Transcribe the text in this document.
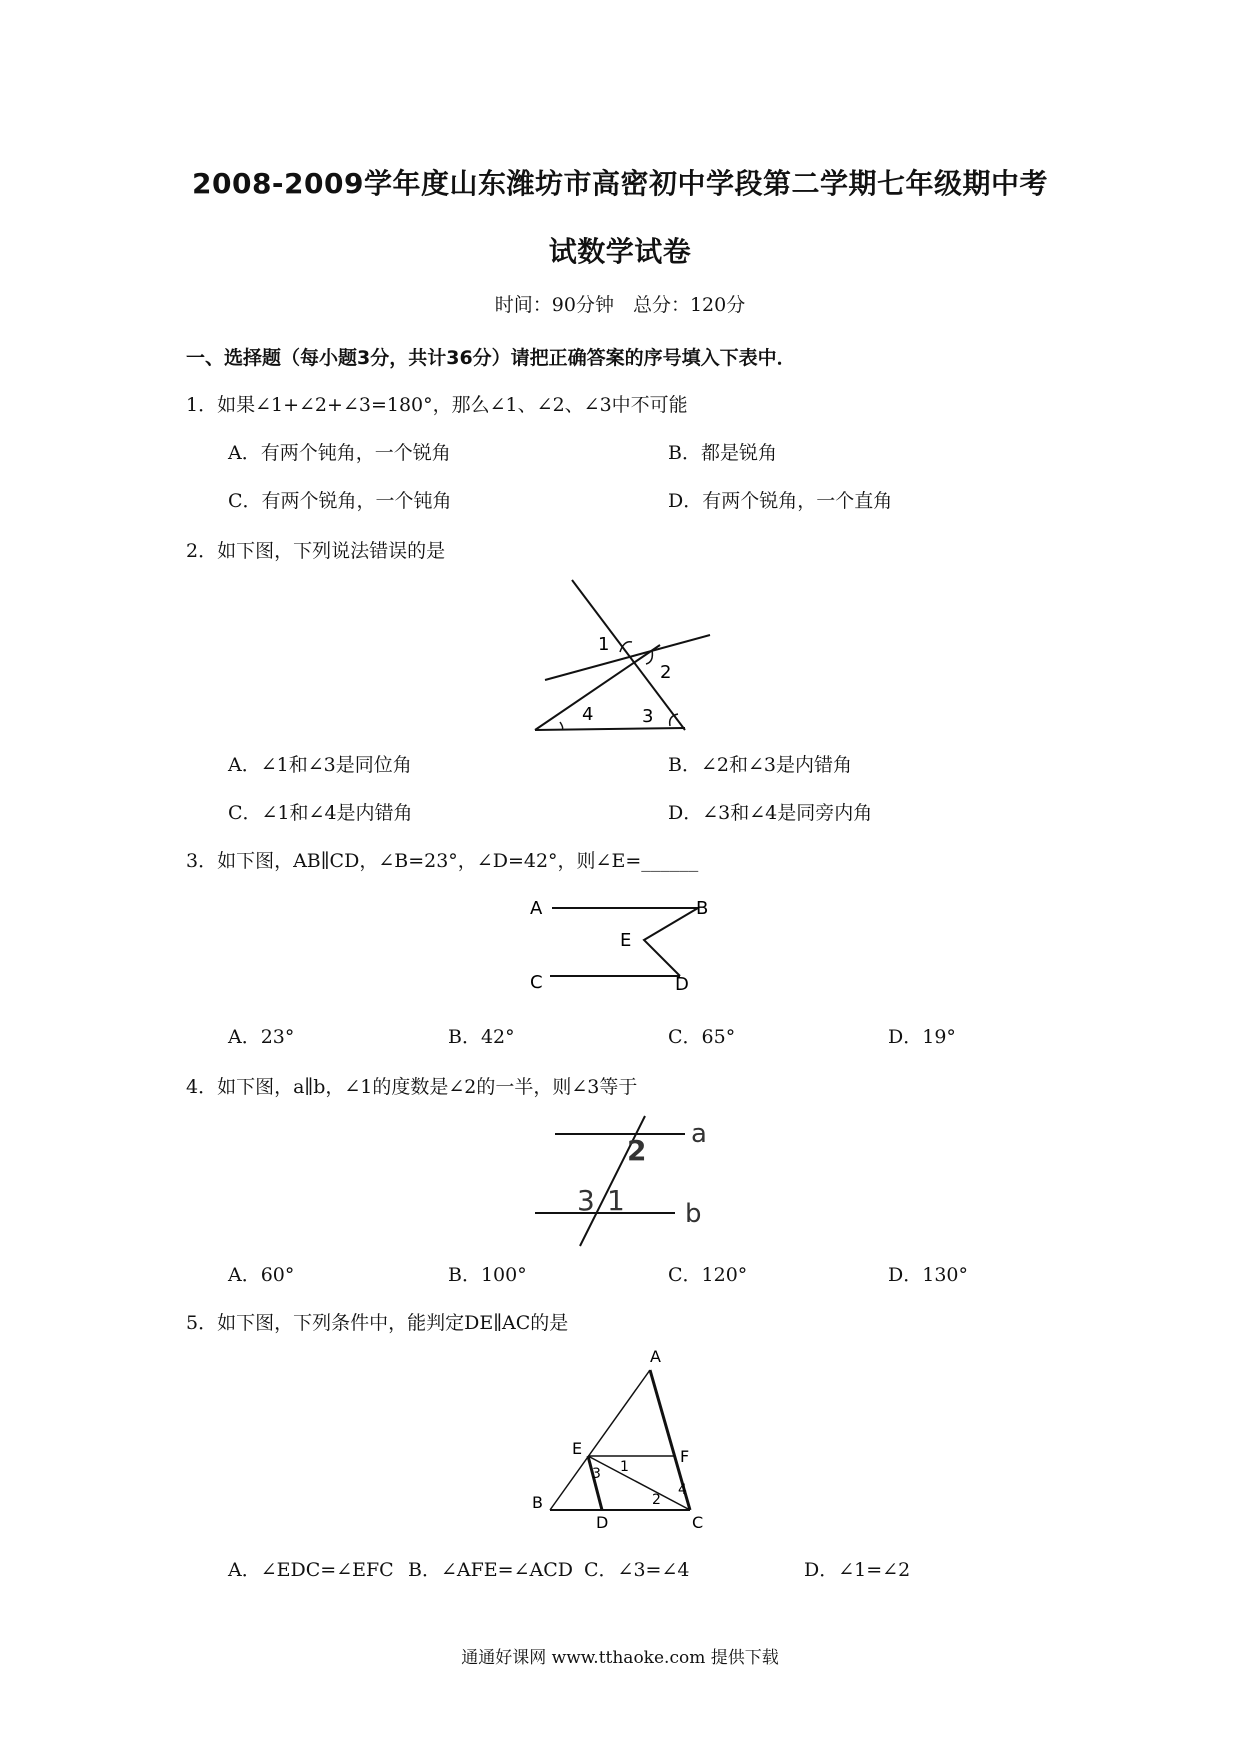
2008-2009学年度山东潍坊市高密初中学段第二学期七年级期中考
试数学试卷
时间：90分钟　总分：120分
一、选择题（每小题3分，共计36分）请把正确答案的序号填入下表中．
1．如果∠1+∠2+∠3=180°，那么∠1、∠2、∠3中不可能
A．有两个钝角，一个锐角	B．都是锐角
C．有两个锐角，一个钝角	D．有两个锐角，一个直角
2．如下图，下列说法错误的是
1
2
3
4
A．∠1和∠3是同位角	B．∠2和∠3是内错角
C．∠1和∠4是内错角	D．∠3和∠4是同旁内角
3．如下图，AB∥CD，∠B=23°，∠D=42°，则∠E=______
A	B
E
C	D
A．23°	B．42°	C．65°	D．19°
4．如下图，a∥b，∠1的度数是∠2的一半，则∠3等于
2 a
3 1 b
A．60°	B．100°	C．120°	D．130°
5．如下图，下列条件中，能判定DE∥AC的是
A
E	F
1
3
4
2
B
D	C
A．∠EDC=∠EFC B．∠AFE=∠ACD C．∠3=∠4	D．∠1=∠2
通通好课网 www.tthaoke.com 提供下载
